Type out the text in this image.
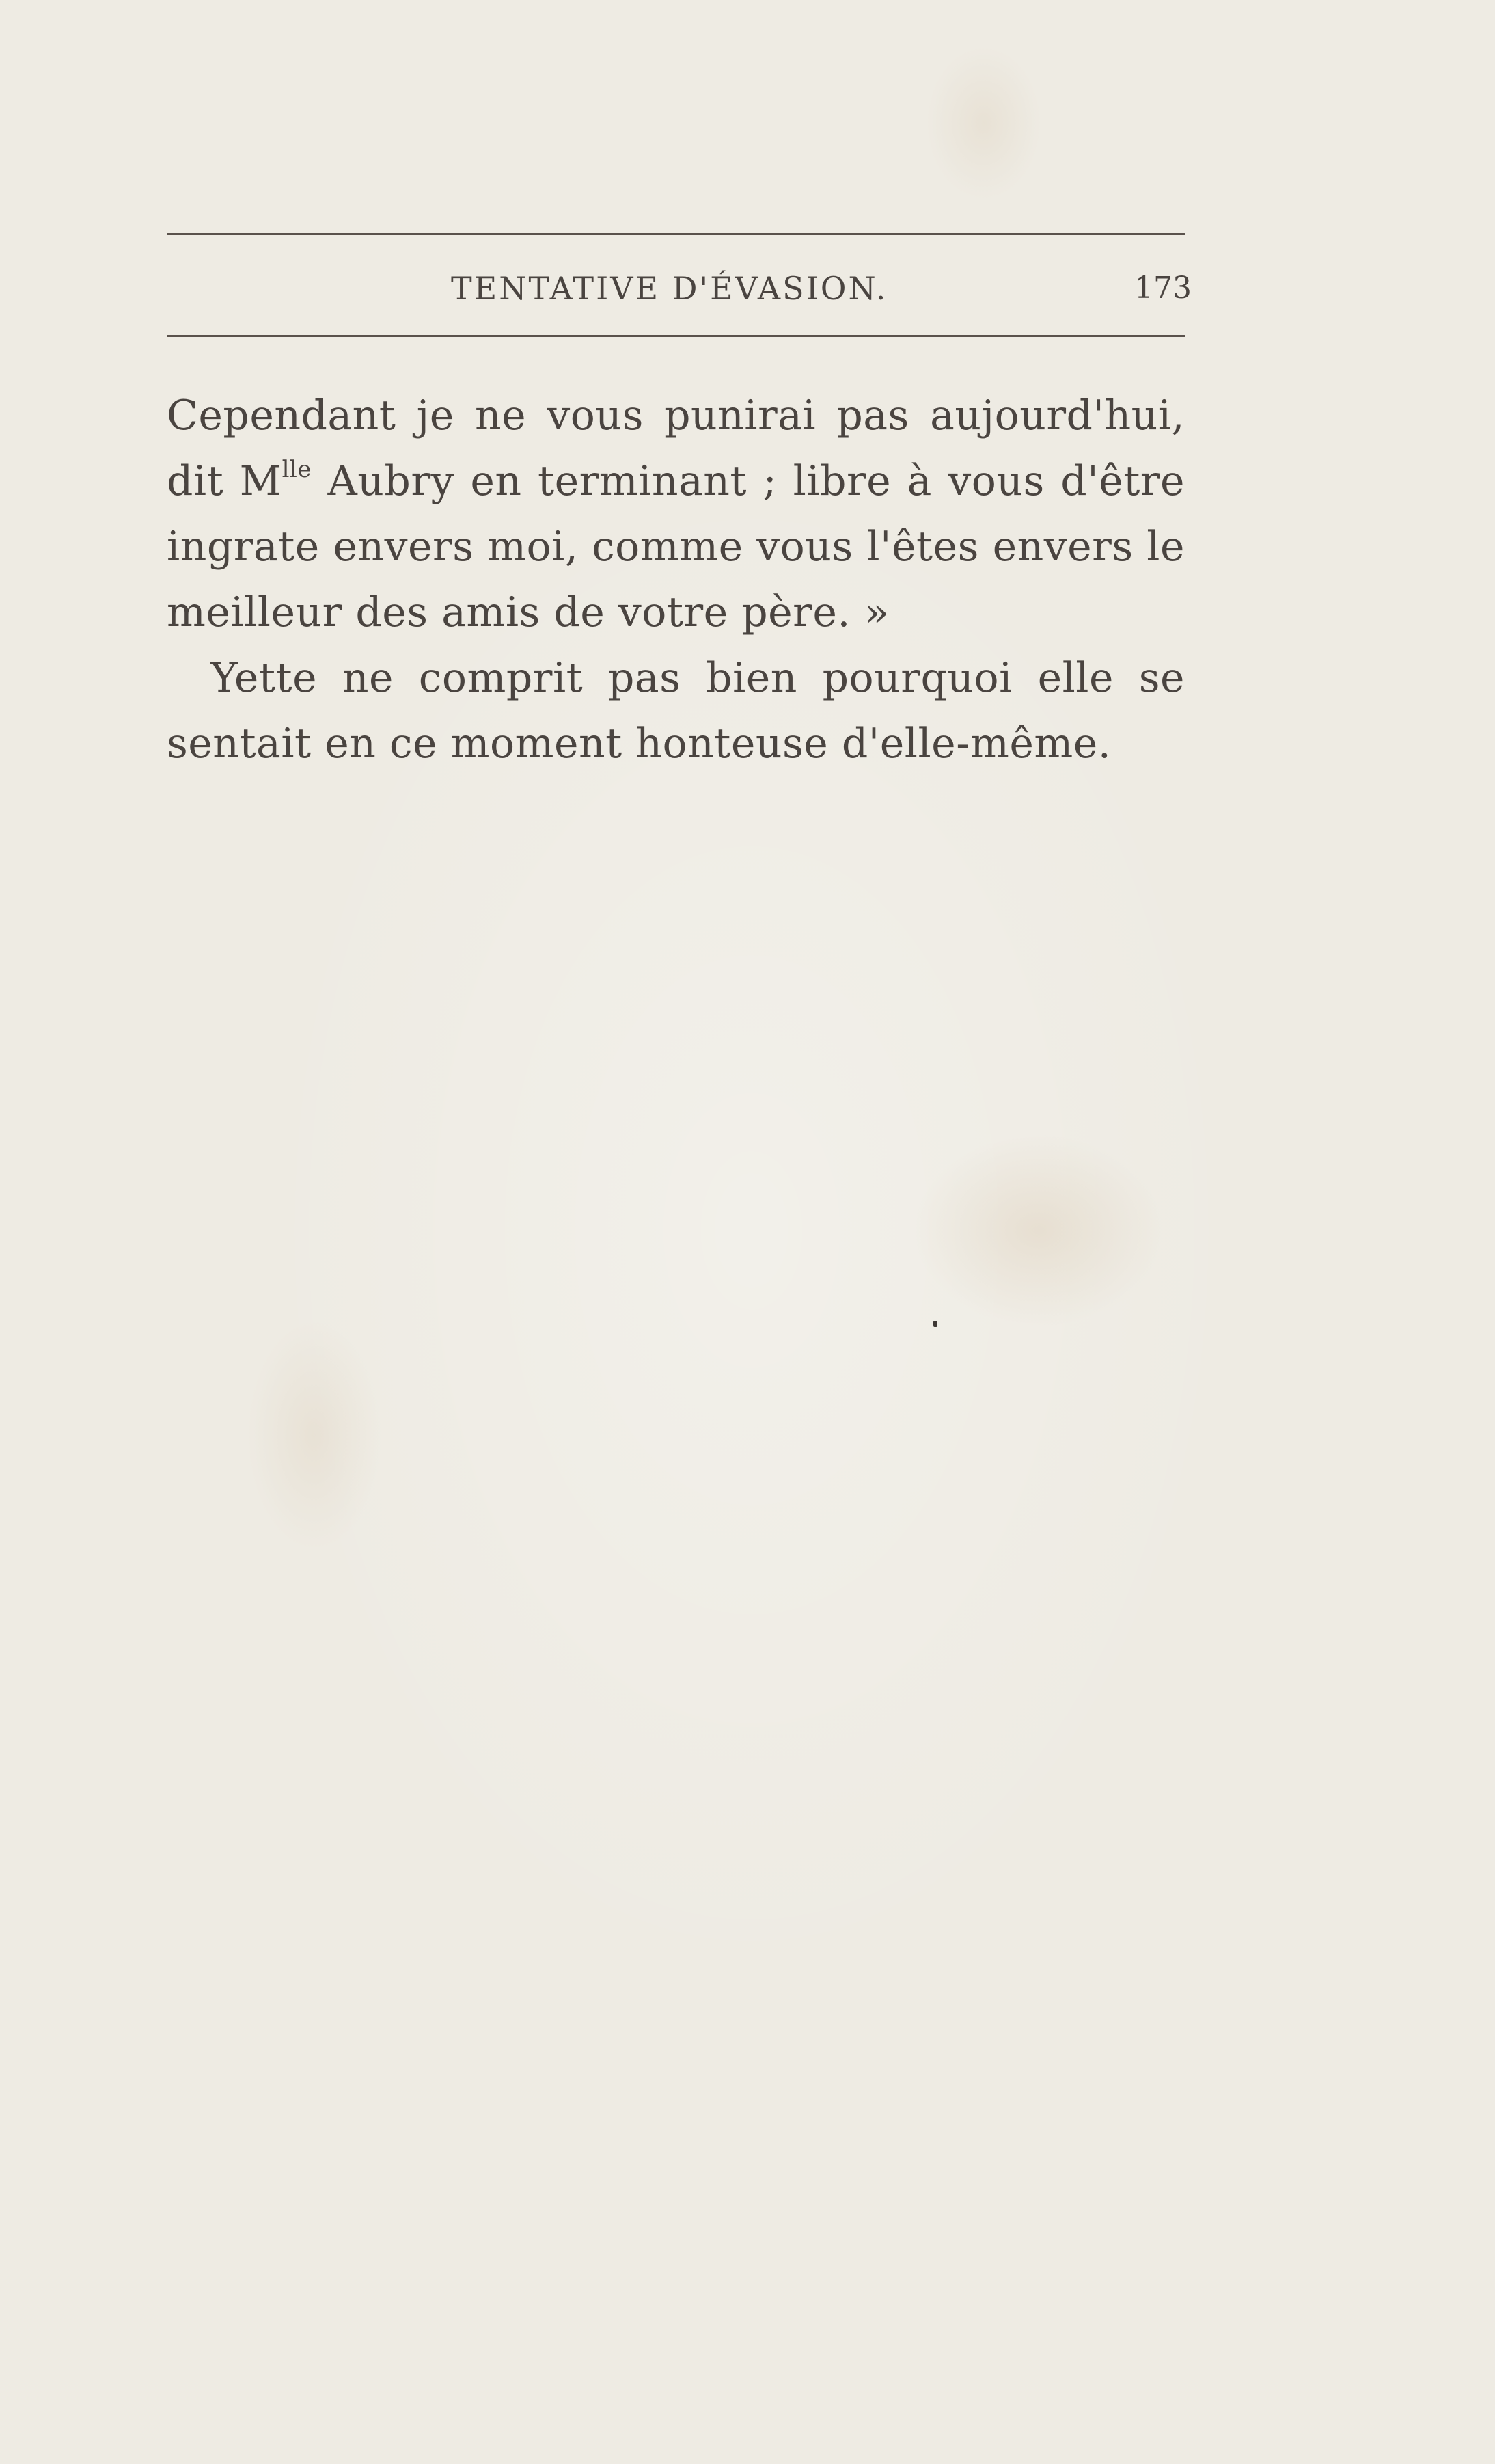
TENTATIVE D'ÉVASION.	173
Cependant je ne vous punirai pas aujourd'hui,
dit $M^{lle}$ Aubry en terminant ; libre à vous d'être
ingrate envers moi, comme vous l'êtes envers le
meilleur des amis de votre père. »
Yette ne comprit pas bien pourquoi elle se
sentait en ce moment honteuse d'elle-même.
